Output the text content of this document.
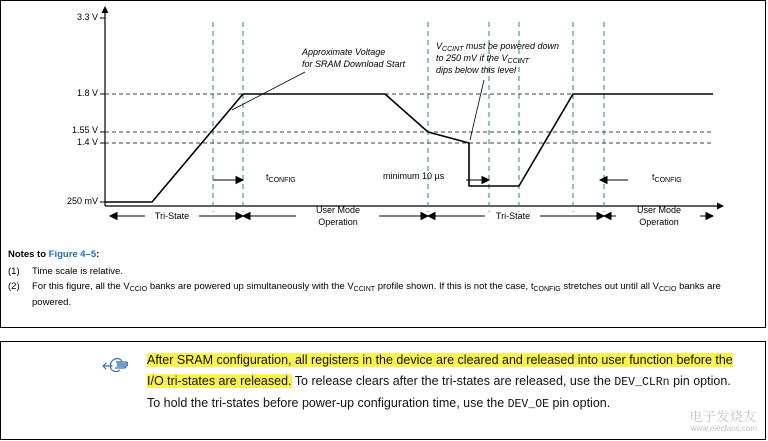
3.3 V
1.8 V
1.55 V
1.4 V
250 mV
Approximate Voltage
for SRAM Download Start
$V_{CCINT}$ must be powered down
to 250 mV if the $V_{CCINT}$
dips below this level
$t_{CONFIG}$	$t_{CONFIG}$
minimum 10 µs
Tri-State
User Mode
Operation
Tri-State
User Mode
Operation
Notes to Figure 4–5:
(1)	Time scale is relative.
(2)	For this figure, all the $V_{CCIO}$ banks are powered up simultaneously with the $V_{CCINT}$ profile shown. If this is not the case, $t_{CONFIG}$ stretches out until all $V_{CCIO}$ banks are powered.
After SRAM configuration, all registers in the device are cleared and released into user function before the I/O tri-states are released. To release clears after the tri-states are released, use the DEV_CLRn pin option. To hold the tri-states before power-up configuration time, use the DEV_OE pin option.
电子发烧友
www.elecfans.com
